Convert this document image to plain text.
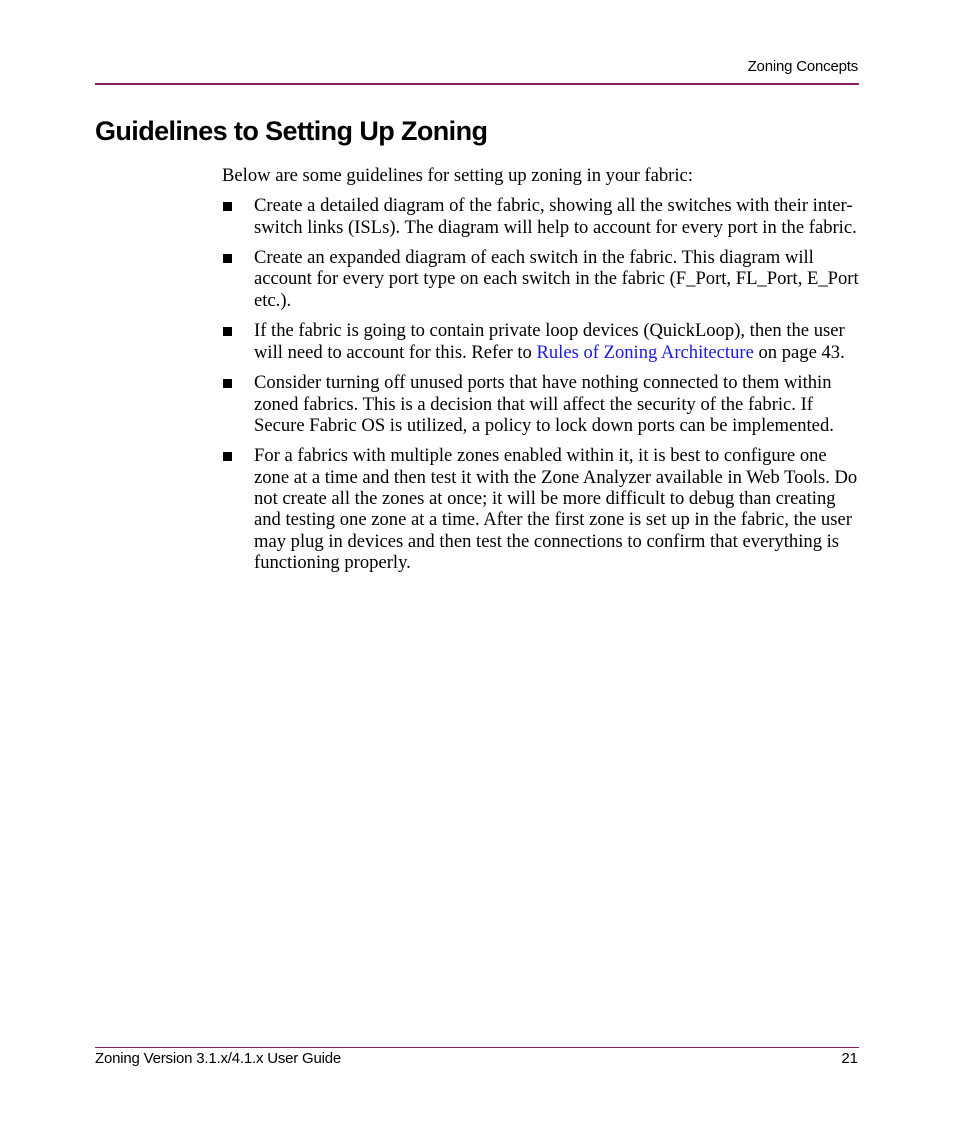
Zoning Concepts
Guidelines to Setting Up Zoning

Below are some guidelines for setting up zoning in your fabric:

Create a detailed diagram of the fabric, showing all the switches with their inter-switch links (ISLs). The diagram will help to account for every port in the fabric.
Create an expanded diagram of each switch in the fabric. This diagram will account for every port type on each switch in the fabric (F_Port, FL_Port, E_Port etc.).
If the fabric is going to contain private loop devices (QuickLoop), then the user will need to account for this. Refer to Rules of Zoning Architecture on page 43.
Consider turning off unused ports that have nothing connected to them within zoned fabrics. This is a decision that will affect the security of the fabric. If Secure Fabric OS is utilized, a policy to lock down ports can be implemented.
For a fabrics with multiple zones enabled within it, it is best to configure one zone at a time and then test it with the Zone Analyzer available in Web Tools. Do not create all the zones at once; it will be more difficult to debug than creating and testing one zone at a time. After the first zone is set up in the fabric, the user may plug in devices and then test the connections to confirm that everything is functioning properly.
Zoning Version 3.1.x/4.1.x User Guide	21
